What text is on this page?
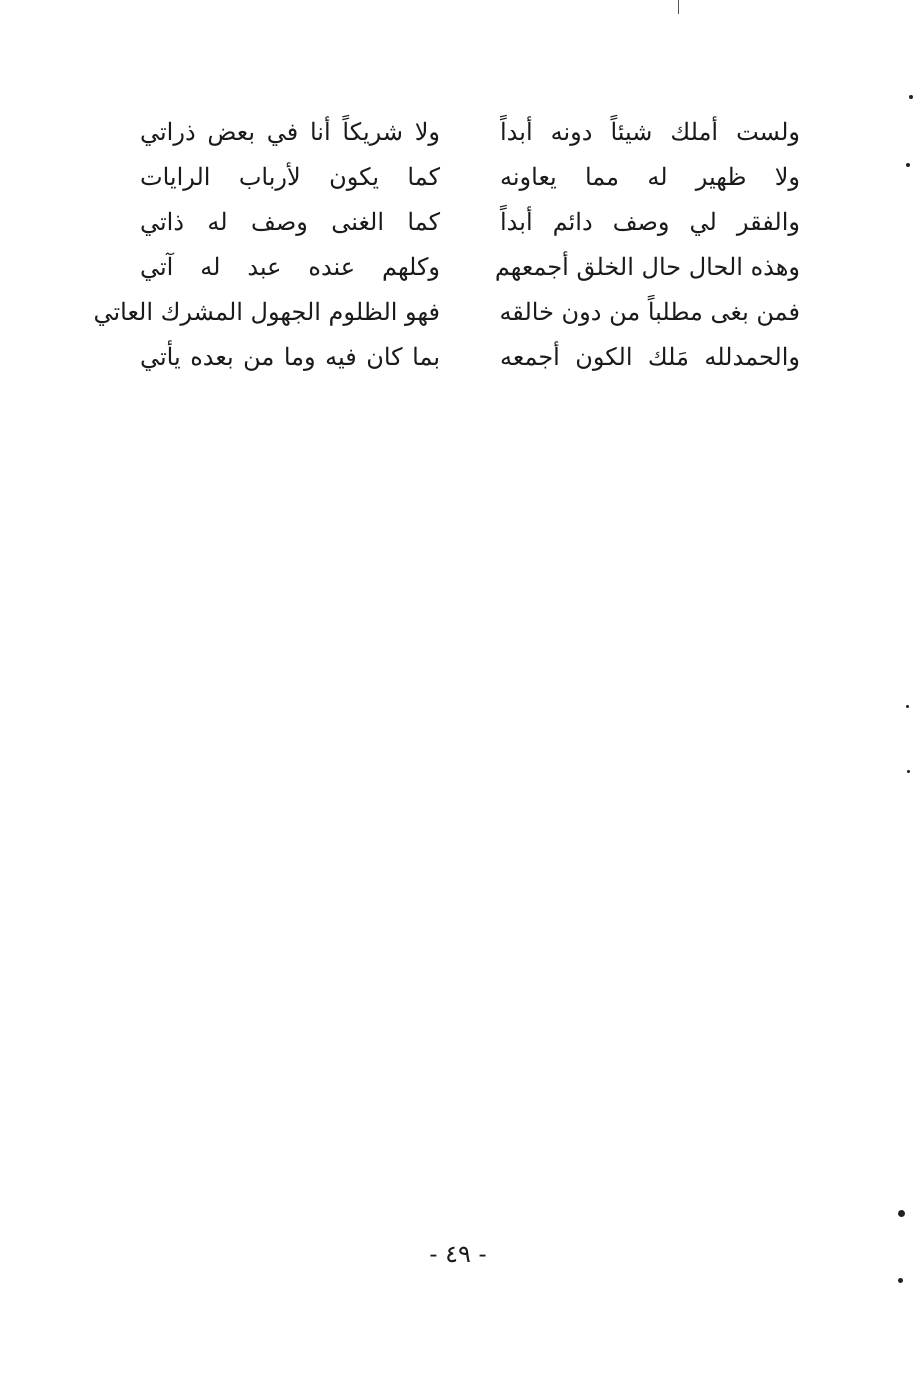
ولست أملك شيئاً دونه أبداً
ولا شريكاً أنا في بعض ذراتي
ولا ظهير له مما يعاونه
كما يكون لأرباب الرايات
والفقر لي وصف دائم أبداً
كما الغنى وصف له ذاتي
وهذه الحال حال الخلق أجمعهم
وكلهم عنده عبد له آتي
فمن بغى مطلباً من دون خالقه
فهو الظلوم الجهول المشرك العاتي
والحمدلله مَلك الكون أجمعه
بما كان فيه وما من بعده يأتي
- ٤٩ -
